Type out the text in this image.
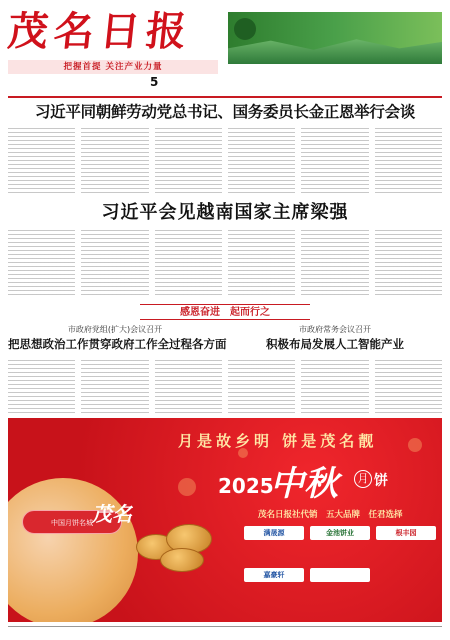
茂名日报
把握首提 关注产业力量
5
习近平同朝鲜劳动党总书记、国务委员长金正恩举行会谈
习近平会见越南国家主席梁强
感恩奋进　起而行之
市政府党组(扩大)会议召开
把思想政治工作贯穿政府工作全过程各方面
市政府常务会议召开
积极布局发展人工智能产业
月是故乡明 饼是茂名靓
2025
中秋	月 饼
茂名日报社代销　五大品牌　任君选择
中国月饼名城 茂名
满晟源	金池饼业	根丰园
嘉豪轩
